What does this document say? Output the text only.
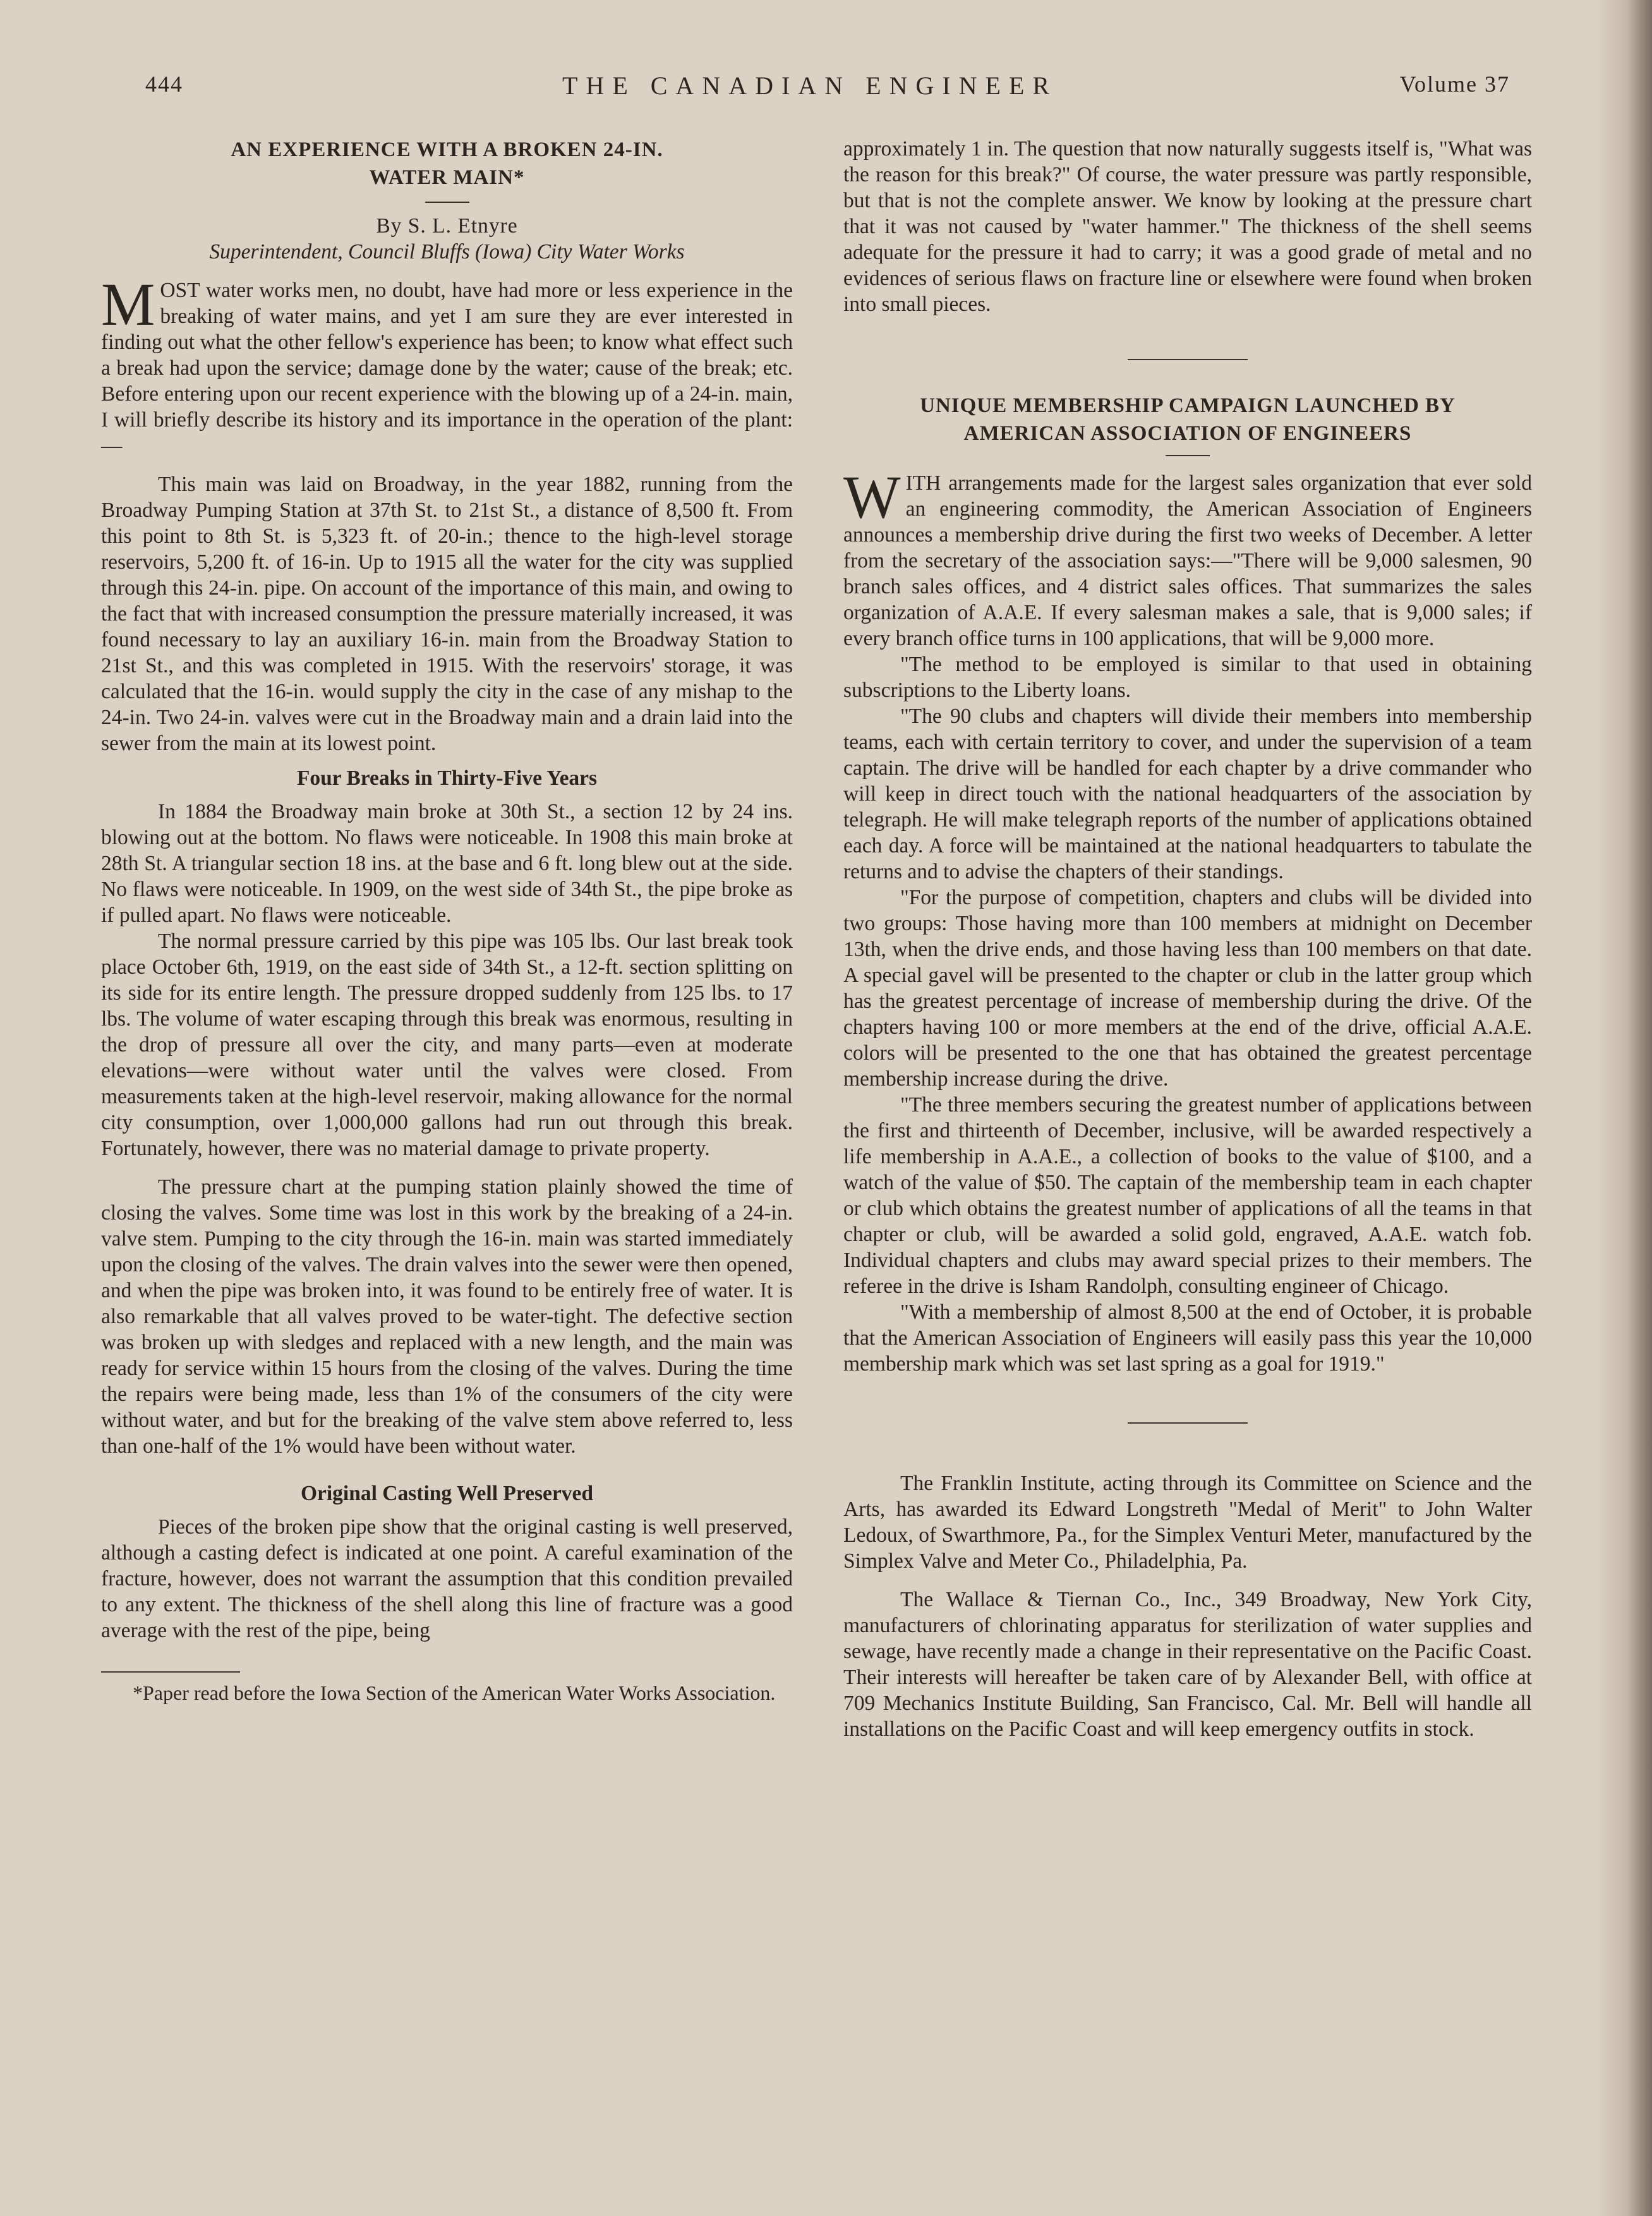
444	THE CANADIAN ENGINEER	Volume 37
AN EXPERIENCE WITH A BROKEN 24-IN.
WATER MAIN*

By S. L. Etnyre

Superintendent, Council Bluffs (Iowa) City Water Works

MOST water works men, no doubt, have had more or less experience in the breaking of water mains, and yet I am sure they are ever interested in finding out what the other fellow's experience has been; to know what effect such a break had upon the service; damage done by the water; cause of the break; etc. Before entering upon our recent experience with the blowing up of a 24-in. main, I will briefly describe its history and its importance in the operation of the plant:—

This main was laid on Broadway, in the year 1882, running from the Broadway Pumping Station at 37th St. to 21st St., a distance of 8,500 ft. From this point to 8th St. is 5,323 ft. of 20-in.; thence to the high-level storage reservoirs, 5,200 ft. of 16-in. Up to 1915 all the water for the city was supplied through this 24-in. pipe. On account of the importance of this main, and owing to the fact that with increased consumption the pressure materially increased, it was found necessary to lay an auxiliary 16-in. main from the Broadway Station to 21st St., and this was completed in 1915. With the reservoirs' storage, it was calculated that the 16-in. would supply the city in the case of any mishap to the 24-in. Two 24-in. valves were cut in the Broadway main and a drain laid into the sewer from the main at its lowest point.

Four Breaks in Thirty-Five Years

In 1884 the Broadway main broke at 30th St., a section 12 by 24 ins. blowing out at the bottom. No flaws were noticeable. In 1908 this main broke at 28th St. A triangular section 18 ins. at the base and 6 ft. long blew out at the side. No flaws were noticeable. In 1909, on the west side of 34th St., the pipe broke as if pulled apart. No flaws were noticeable.

The normal pressure carried by this pipe was 105 lbs. Our last break took place October 6th, 1919, on the east side of 34th St., a 12-ft. section splitting on its side for its entire length. The pressure dropped suddenly from 125 lbs. to 17 lbs. The volume of water escaping through this break was enormous, resulting in the drop of pressure all over the city, and many parts—even at moderate elevations—were without water until the valves were closed. From measurements taken at the high-level reservoir, making allowance for the normal city consumption, over 1,000,000 gallons had run out through this break. Fortunately, however, there was no material damage to private property.

The pressure chart at the pumping station plainly showed the time of closing the valves. Some time was lost in this work by the breaking of a 24-in. valve stem. Pumping to the city through the 16-in. main was started immediately upon the closing of the valves. The drain valves into the sewer were then opened, and when the pipe was broken into, it was found to be entirely free of water. It is also remarkable that all valves proved to be water-tight. The defective section was broken up with sledges and replaced with a new length, and the main was ready for service within 15 hours from the closing of the valves. During the time the repairs were being made, less than 1% of the consumers of the city were without water, and but for the breaking of the valve stem above referred to, less than one-half of the 1% would have been without water.

Original Casting Well Preserved

Pieces of the broken pipe show that the original casting is well preserved, although a casting defect is indicated at one point. A careful examination of the fracture, however, does not warrant the assumption that this condition prevailed to any extent. The thickness of the shell along this line of fracture was a good average with the rest of the pipe, being

*Paper read before the Iowa Section of the American Water Works Association.

approximately 1 in. The question that now naturally suggests itself is, "What was the reason for this break?" Of course, the water pressure was partly responsible, but that is not the complete answer. We know by looking at the pressure chart that it was not caused by "water hammer." The thickness of the shell seems adequate for the pressure it had to carry; it was a good grade of metal and no evidences of serious flaws on fracture line or elsewhere were found when broken into small pieces.

UNIQUE MEMBERSHIP CAMPAIGN LAUNCHED BY
AMERICAN ASSOCIATION OF ENGINEERS

WITH arrangements made for the largest sales organization that ever sold an engineering commodity, the American Association of Engineers announces a membership drive during the first two weeks of December. A letter from the secretary of the association says:—"There will be 9,000 salesmen, 90 branch sales offices, and 4 district sales offices. That summarizes the sales organization of A.A.E. If every salesman makes a sale, that is 9,000 sales; if every branch office turns in 100 applications, that will be 9,000 more.

"The method to be employed is similar to that used in obtaining subscriptions to the Liberty loans.

"The 90 clubs and chapters will divide their members into membership teams, each with certain territory to cover, and under the supervision of a team captain. The drive will be handled for each chapter by a drive commander who will keep in direct touch with the national headquarters of the association by telegraph. He will make telegraph reports of the number of applications obtained each day. A force will be maintained at the national headquarters to tabulate the returns and to advise the chapters of their standings.

"For the purpose of competition, chapters and clubs will be divided into two groups: Those having more than 100 members at midnight on December 13th, when the drive ends, and those having less than 100 members on that date. A special gavel will be presented to the chapter or club in the latter group which has the greatest percentage of increase of membership during the drive. Of the chapters having 100 or more members at the end of the drive, official A.A.E. colors will be presented to the one that has obtained the greatest percentage membership increase during the drive.

"The three members securing the greatest number of applications between the first and thirteenth of December, inclusive, will be awarded respectively a life membership in A.A.E., a collection of books to the value of $100, and a watch of the value of $50. The captain of the membership team in each chapter or club which obtains the greatest number of applications of all the teams in that chapter or club, will be awarded a solid gold, engraved, A.A.E. watch fob. Individual chapters and clubs may award special prizes to their members. The referee in the drive is Isham Randolph, consulting engineer of Chicago.

"With a membership of almost 8,500 at the end of October, it is probable that the American Association of Engineers will easily pass this year the 10,000 membership mark which was set last spring as a goal for 1919."

The Franklin Institute, acting through its Committee on Science and the Arts, has awarded its Edward Longstreth "Medal of Merit" to John Walter Ledoux, of Swarthmore, Pa., for the Simplex Venturi Meter, manufactured by the Simplex Valve and Meter Co., Philadelphia, Pa.

The Wallace & Tiernan Co., Inc., 349 Broadway, New York City, manufacturers of chlorinating apparatus for sterilization of water supplies and sewage, have recently made a change in their representative on the Pacific Coast. Their interests will hereafter be taken care of by Alexander Bell, with office at 709 Mechanics Institute Building, San Francisco, Cal. Mr. Bell will handle all installations on the Pacific Coast and will keep emergency outfits in stock.
